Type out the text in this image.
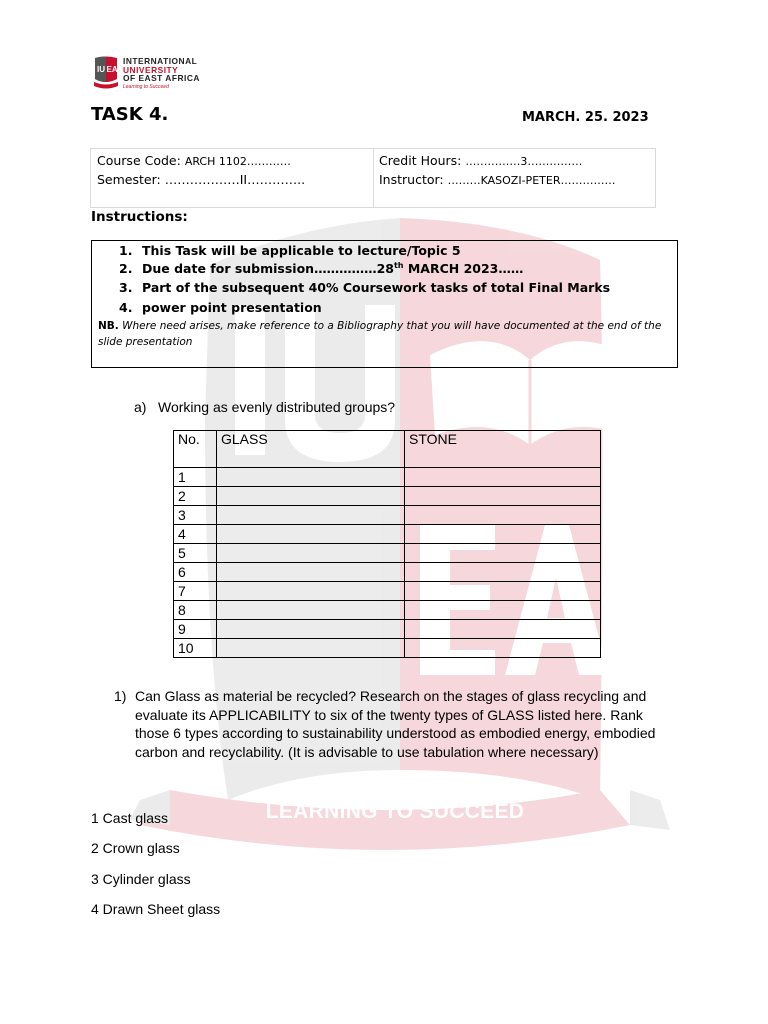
LEARNING TO SUCCEED
IU EA
INTERNATIONAL
UNIVERSITY
OF EAST AFRICA
Learning to Succeed
TASK 4.	MARCH. 25. 2023
Course Code: ARCH 1102…………
Semester: ………………II…………..
Credit Hours: ……………3……………
Instructor: ………KASOZI-PETER……………
Instructions:
1. This Task will be applicable to lecture/Topic 5
2. Due date for submission……………28th MARCH 2023……
3. Part of the subsequent 40% Coursework tasks of total Final Marks
4. power point presentation
NB. Where need arises, make reference to a Bibliography that you will have documented at the end of the slide presentation
a) Working as evenly distributed groups?
No.	GLASS	STONE
1		
2		
3		
4		
5		
6		
7		
8		
9		
10		
1) Can Glass as material be recycled? Research on the stages of glass recycling and evaluate its APPLICABILITY to six of the twenty types of GLASS listed here. Rank those 6 types according to sustainability understood as embodied energy, embodied carbon and recyclability. (It is advisable to use tabulation where necessary)
1 Cast glass
2 Crown glass
3 Cylinder glass
4 Drawn Sheet glass
